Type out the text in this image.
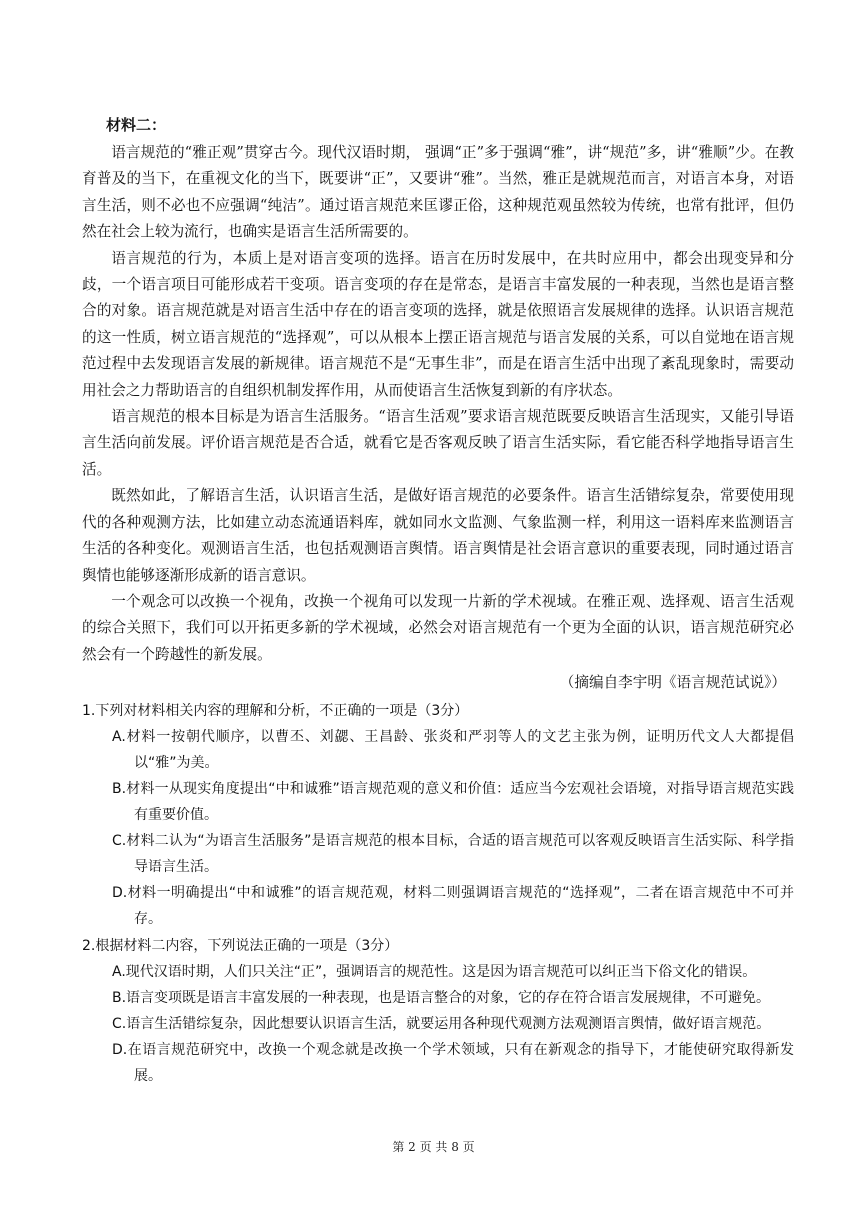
材料二：

语言规范的“雅正观”贯穿古今。现代汉语时期， 强调“正”多于强调“雅”，讲“规范”多，讲“雅顺”少。在教育普及的当下，在重视文化的当下，既要讲“正”，又要讲“雅”。当然，雅正是就规范而言，对语言本身，对语言生活，则不必也不应强调“纯洁”。通过语言规范来匡谬正俗，这种规范观虽然较为传统，也常有批评，但仍然在社会上较为流行，也确实是语言生活所需要的。

语言规范的行为，本质上是对语言变项的选择。语言在历时发展中，在共时应用中，都会出现变异和分歧，一个语言项目可能形成若干变项。语言变项的存在是常态，是语言丰富发展的一种表现，当然也是语言整合的对象。语言规范就是对语言生活中存在的语言变项的选择，就是依照语言发展规律的选择。认识语言规范的这一性质，树立语言规范的“选择观”，可以从根本上摆正语言规范与语言发展的关系，可以自觉地在语言规范过程中去发现语言发展的新规律。语言规范不是“无事生非”，而是在语言生活中出现了紊乱现象时，需要动用社会之力帮助语言的自组织机制发挥作用，从而使语言生活恢复到新的有序状态。

语言规范的根本目标是为语言生活服务。“语言生活观”要求语言规范既要反映语言生活现实，又能引导语言生活向前发展。评价语言规范是否合适，就看它是否客观反映了语言生活实际，看它能否科学地指导语言生活。

既然如此，了解语言生活，认识语言生活，是做好语言规范的必要条件。语言生活错综复杂，常要使用现代的各种观测方法，比如建立动态流通语料库，就如同水文监测、气象监测一样，利用这一语料库来监测语言生活的各种变化。观测语言生活，也包括观测语言舆情。语言舆情是社会语言意识的重要表现，同时通过语言舆情也能够逐渐形成新的语言意识。

一个观念可以改换一个视角，改换一个视角可以发现一片新的学术视域。在雅正观、选择观、语言生活观的综合关照下，我们可以开拓更多新的学术视域，必然会对语言规范有一个更为全面的认识，语言规范研究必然会有一个跨越性的新发展。

（摘编自李宇明《语言规范试说》）
1.下列对材料相关内容的理解和分析，不正确的一项是（3分）
A.材料一按朝代顺序，以曹丕、刘勰、王昌龄、张炎和严羽等人的文艺主张为例，证明历代文人大都提倡以“雅”为美。
B.材料一从现实角度提出“中和诚雅”语言规范观的意义和价值：适应当今宏观社会语境，对指导语言规范实践有重要价值。
C.材料二认为“为语言生活服务”是语言规范的根本目标，合适的语言规范可以客观反映语言生活实际、科学指导语言生活。
D.材料一明确提出“中和诚雅”的语言规范观，材料二则强调语言规范的“选择观”，二者在语言规范中不可并存。
2.根据材料二内容，下列说法正确的一项是（3分）
A.现代汉语时期，人们只关注“正”，强调语言的规范性。这是因为语言规范可以纠正当下俗文化的错误。
B.语言变项既是语言丰富发展的一种表现，也是语言整合的对象，它的存在符合语言发展规律，不可避免。
C.语言生活错综复杂，因此想要认识语言生活，就要运用各种现代观测方法观测语言舆情，做好语言规范。
D.在语言规范研究中，改换一个观念就是改换一个学术领域，只有在新观念的指导下，才能使研究取得新发展。
第 2 页 共 8 页
